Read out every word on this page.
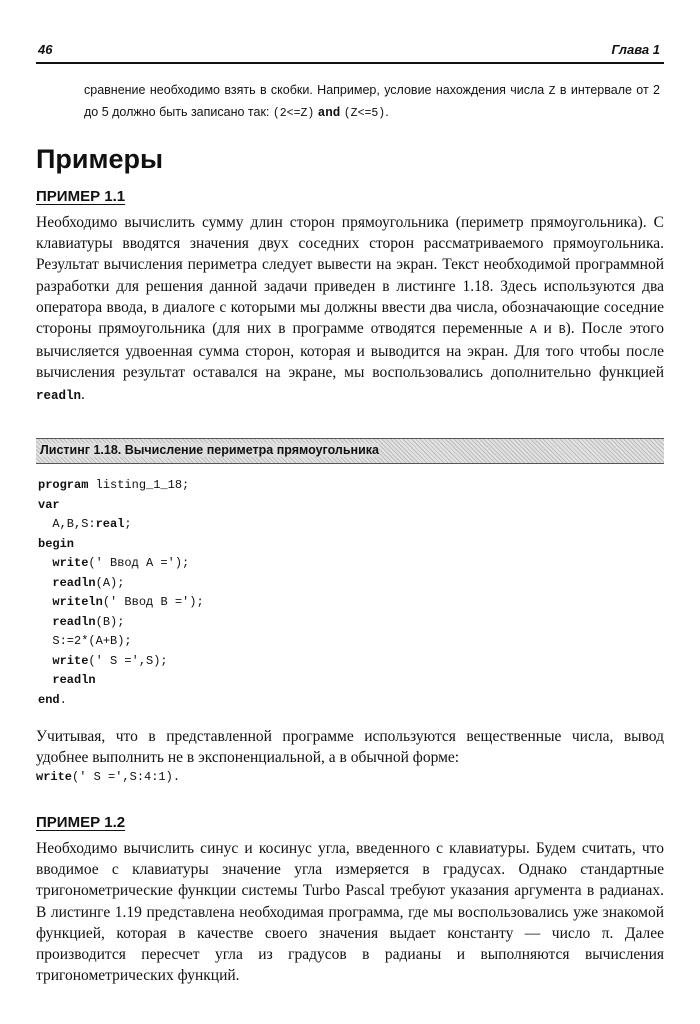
46	Глава 1
сравнение необходимо взять в скобки. Например, условие нахождения числа Z в интервале от 2 до 5 должно быть записано так: (2<=Z) and (Z<=5).
Примеры
ПРИМЕР 1.1
Необходимо вычислить сумму длин сторон прямоугольника (периметр прямоугольника). С клавиатуры вводятся значения двух соседних сторон рассматриваемого прямоугольника. Результат вычисления периметра следует вывести на экран. Текст необходимой программной разработки для решения данной задачи приведен в листинге 1.18. Здесь используются два оператора ввода, в диалоге с которыми мы должны ввести два числа, обозначающие соседние стороны прямоугольника (для них в программе отводятся переменные A и B). После этого вычисляется удвоенная сумма сторон, которая и выводится на экран. Для того чтобы после вычисления результат оставался на экране, мы воспользовались дополнительно функцией readln.
Листинг 1.18. Вычисление периметра прямоугольника
program listing_1_18;
var
A,B,S:real;
begin
write(' Ввод A =');
readln(A);
writeln(' Ввод B =');
readln(B);
S:=2*(A+B);
write(' S =',S);
readln
end.
Учитывая, что в представленной программе используются вещественные числа, вывод удобнее выполнить не в экспоненциальной, а в обычной форме:
write(' S =',S:4:1).
ПРИМЕР 1.2
Необходимо вычислить синус и косинус угла, введенного с клавиатуры. Будем считать, что вводимое с клавиатуры значение угла измеряется в градусах. Однако стандартные тригонометрические функции системы Turbo Pascal требуют указания аргумента в радианах. В листинге 1.19 представлена необходимая программа, где мы воспользовались уже знакомой функцией, которая в качестве своего значения выдает константу — число π. Далее производится пересчет угла из градусов в радианы и выполняются вычисления тригонометрических функций.
